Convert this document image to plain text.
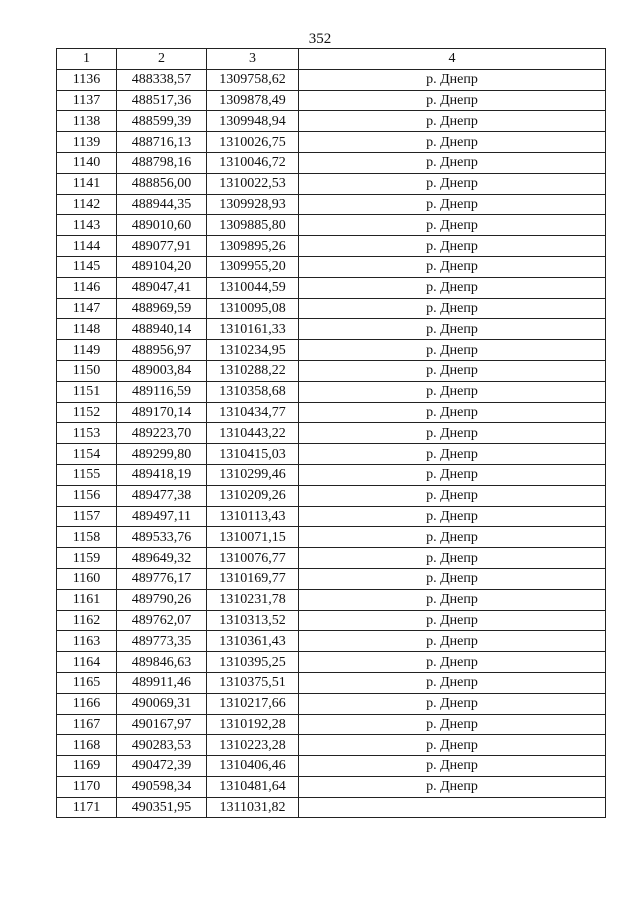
352
1	2	3	4
1136	488338,57	1309758,62	р. Днепр
1137	488517,36	1309878,49	р. Днепр
1138	488599,39	1309948,94	р. Днепр
1139	488716,13	1310026,75	р. Днепр
1140	488798,16	1310046,72	р. Днепр
1141	488856,00	1310022,53	р. Днепр
1142	488944,35	1309928,93	р. Днепр
1143	489010,60	1309885,80	р. Днепр
1144	489077,91	1309895,26	р. Днепр
1145	489104,20	1309955,20	р. Днепр
1146	489047,41	1310044,59	р. Днепр
1147	488969,59	1310095,08	р. Днепр
1148	488940,14	1310161,33	р. Днепр
1149	488956,97	1310234,95	р. Днепр
1150	489003,84	1310288,22	р. Днепр
1151	489116,59	1310358,68	р. Днепр
1152	489170,14	1310434,77	р. Днепр
1153	489223,70	1310443,22	р. Днепр
1154	489299,80	1310415,03	р. Днепр
1155	489418,19	1310299,46	р. Днепр
1156	489477,38	1310209,26	р. Днепр
1157	489497,11	1310113,43	р. Днепр
1158	489533,76	1310071,15	р. Днепр
1159	489649,32	1310076,77	р. Днепр
1160	489776,17	1310169,77	р. Днепр
1161	489790,26	1310231,78	р. Днепр
1162	489762,07	1310313,52	р. Днепр
1163	489773,35	1310361,43	р. Днепр
1164	489846,63	1310395,25	р. Днепр
1165	489911,46	1310375,51	р. Днепр
1166	490069,31	1310217,66	р. Днепр
1167	490167,97	1310192,28	р. Днепр
1168	490283,53	1310223,28	р. Днепр
1169	490472,39	1310406,46	р. Днепр
1170	490598,34	1310481,64	р. Днепр
1171	490351,95	1311031,82	
